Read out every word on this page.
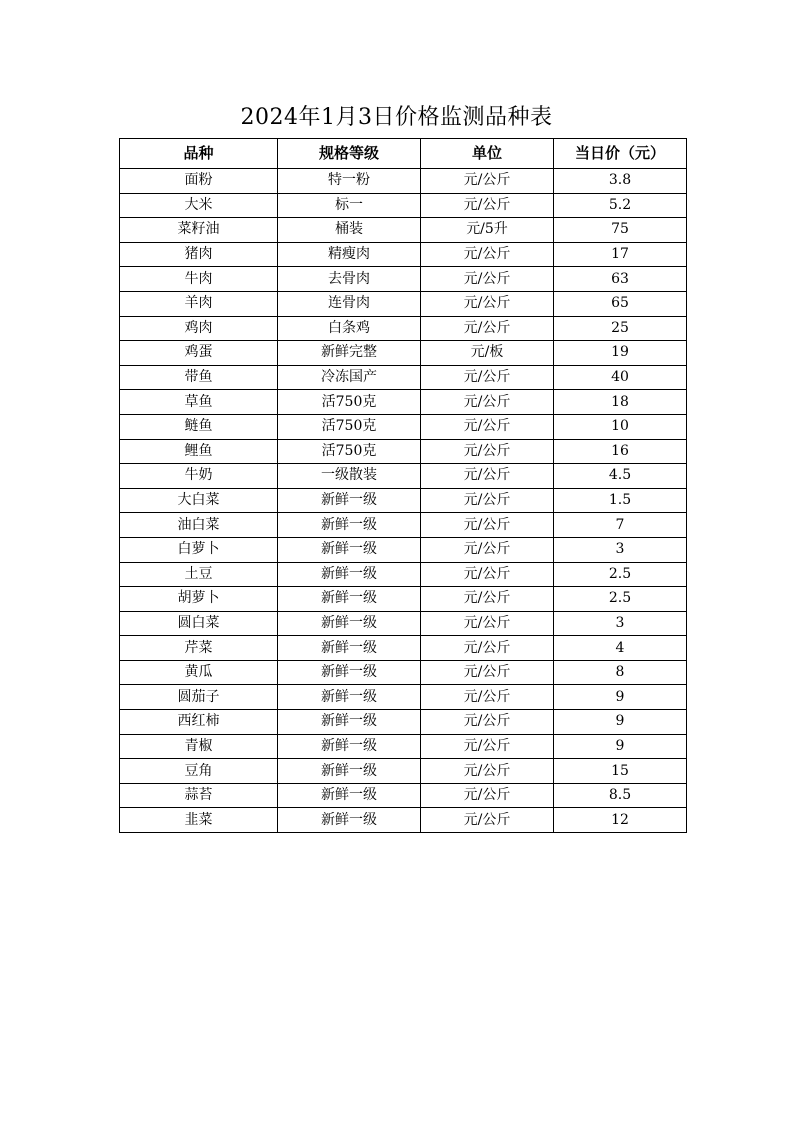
2024年1月3日价格监测品种表
品种	规格等级	单位	当日价（元）
面粉	特一粉	元/公斤	3.8
大米	标一	元/公斤	5.2
菜籽油	桶装	元/5升	75
猪肉	精瘦肉	元/公斤	17
牛肉	去骨肉	元/公斤	63
羊肉	连骨肉	元/公斤	65
鸡肉	白条鸡	元/公斤	25
鸡蛋	新鲜完整	元/板	19
带鱼	冷冻国产	元/公斤	40
草鱼	活750克	元/公斤	18
鲢鱼	活750克	元/公斤	10
鲤鱼	活750克	元/公斤	16
牛奶	一级散装	元/公斤	4.5
大白菜	新鲜一级	元/公斤	1.5
油白菜	新鲜一级	元/公斤	7
白萝卜	新鲜一级	元/公斤	3
土豆	新鲜一级	元/公斤	2.5
胡萝卜	新鲜一级	元/公斤	2.5
圆白菜	新鲜一级	元/公斤	3
芹菜	新鲜一级	元/公斤	4
黄瓜	新鲜一级	元/公斤	8
圆茄子	新鲜一级	元/公斤	9
西红柿	新鲜一级	元/公斤	9
青椒	新鲜一级	元/公斤	9
豆角	新鲜一级	元/公斤	15
蒜苔	新鲜一级	元/公斤	8.5
韭菜	新鲜一级	元/公斤	12
